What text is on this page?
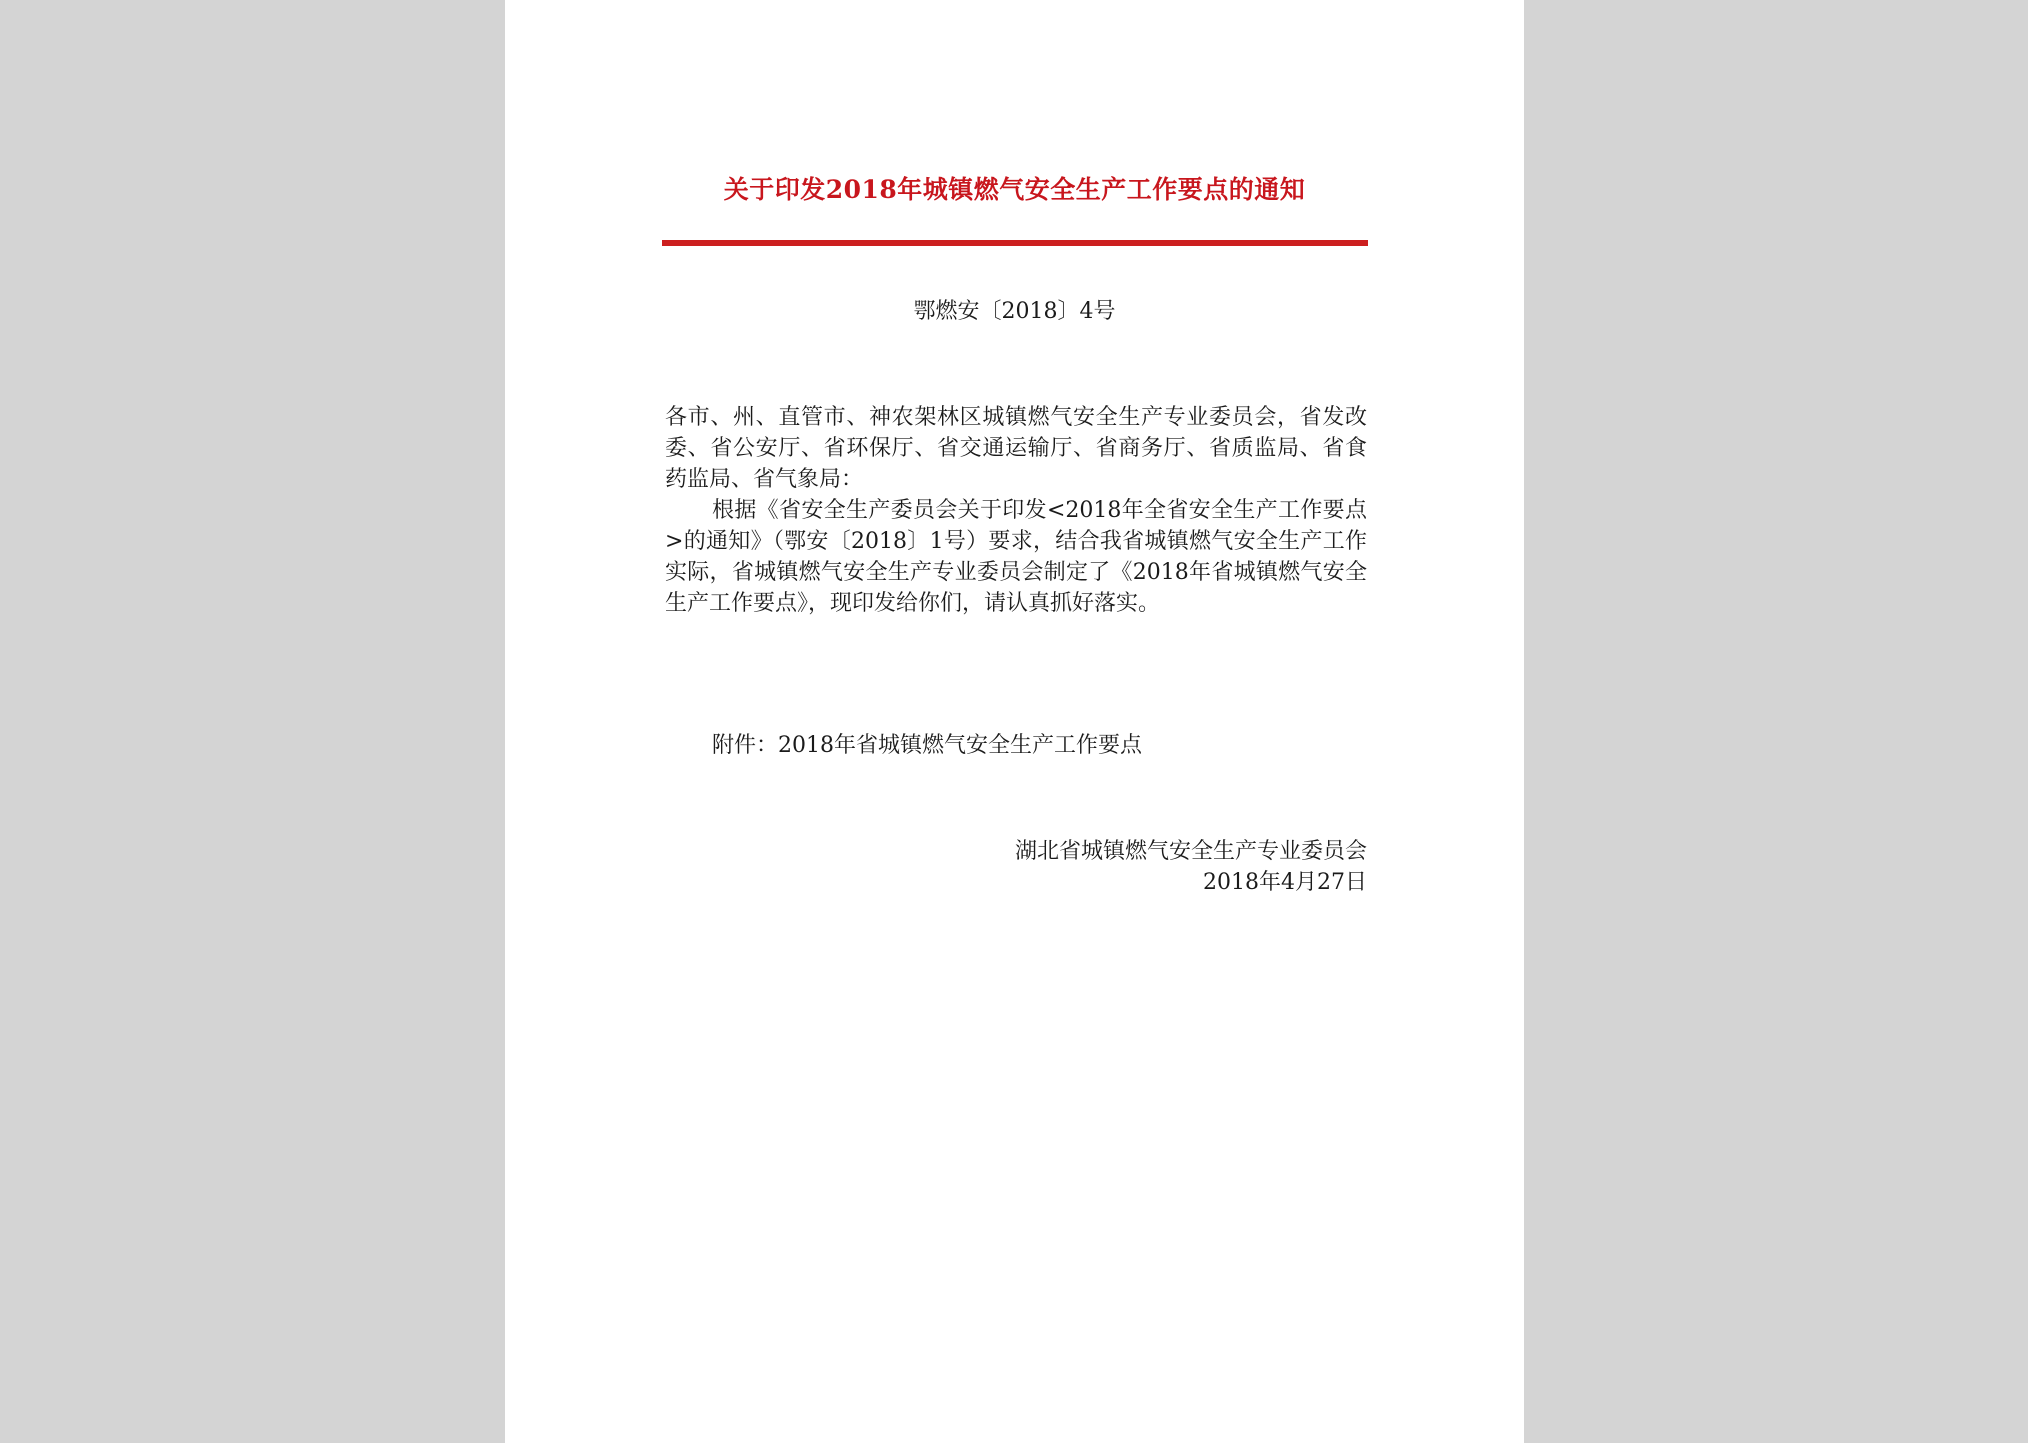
关于印发2018年城镇燃气安全生产工作要点的通知
鄂燃安〔2018〕4号

各市、州、直管市、神农架林区城镇燃气安全生产专业委员会，省发改委、省公安厅、省环保厅、省交通运输厅、省商务厅、省质监局、省食药监局、省气象局：

根据《省安全生产委员会关于印发<2018年全省安全生产工作要点>的通知》（鄂安〔2018〕1号）要求，结合我省城镇燃气安全生产工作实际，省城镇燃气安全生产专业委员会制定了《2018年省城镇燃气安全生产工作要点》，现印发给你们，请认真抓好落实。

附件：2018年省城镇燃气安全生产工作要点
湖北省城镇燃气安全生产专业委员会
2018年4月27日
